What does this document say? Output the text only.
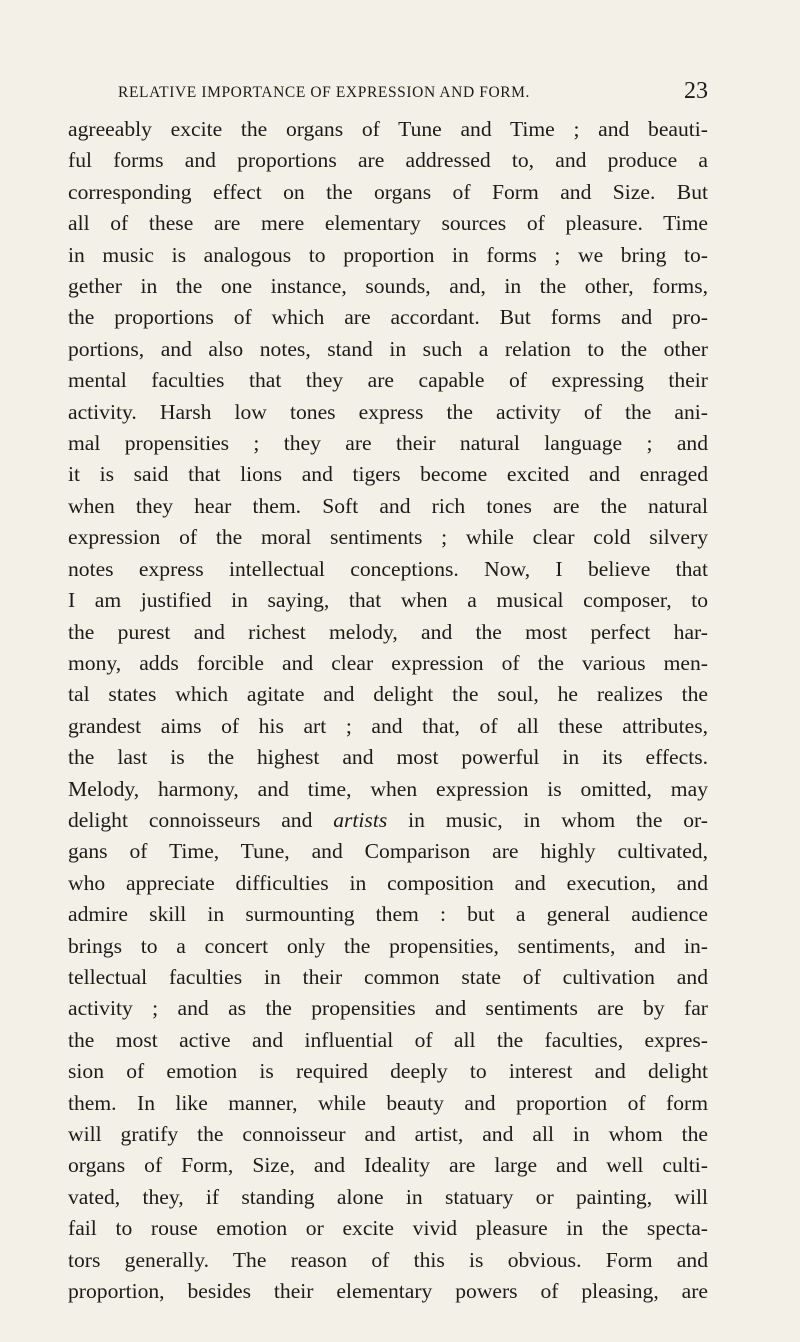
RELATIVE IMPORTANCE OF EXPRESSION AND FORM.	23
agreeably excite the organs of Tune and Time ; and beauti-
ful forms and proportions are addressed to, and produce a
corresponding effect on the organs of Form and Size. But
all of these are mere elementary sources of pleasure. Time
in music is analogous to proportion in forms ; we bring to-
gether in the one instance, sounds, and, in the other, forms,
the proportions of which are accordant. But forms and pro-
portions, and also notes, stand in such a relation to the other
mental faculties that they are capable of expressing their
activity. Harsh low tones express the activity of the ani-
mal propensities ; they are their natural language ; and
it is said that lions and tigers become excited and enraged
when they hear them. Soft and rich tones are the natural
expression of the moral sentiments ; while clear cold silvery
notes express intellectual conceptions. Now, I believe that
I am justified in saying, that when a musical composer, to
the purest and richest melody, and the most perfect har-
mony, adds forcible and clear expression of the various men-
tal states which agitate and delight the soul, he realizes the
grandest aims of his art ; and that, of all these attributes,
the last is the highest and most powerful in its effects.
Melody, harmony, and time, when expression is omitted, may
delight connoisseurs and artists in music, in whom the or-
gans of Time, Tune, and Comparison are highly cultivated,
who appreciate difficulties in composition and execution, and
admire skill in surmounting them : but a general audience
brings to a concert only the propensities, sentiments, and in-
tellectual faculties in their common state of cultivation and
activity ; and as the propensities and sentiments are by far
the most active and influential of all the faculties, expres-
sion of emotion is required deeply to interest and delight
them. In like manner, while beauty and proportion of form
will gratify the connoisseur and artist, and all in whom the
organs of Form, Size, and Ideality are large and well culti-
vated, they, if standing alone in statuary or painting, will
fail to rouse emotion or excite vivid pleasure in the specta-
tors generally. The reason of this is obvious. Form and
proportion, besides their elementary powers of pleasing, are
